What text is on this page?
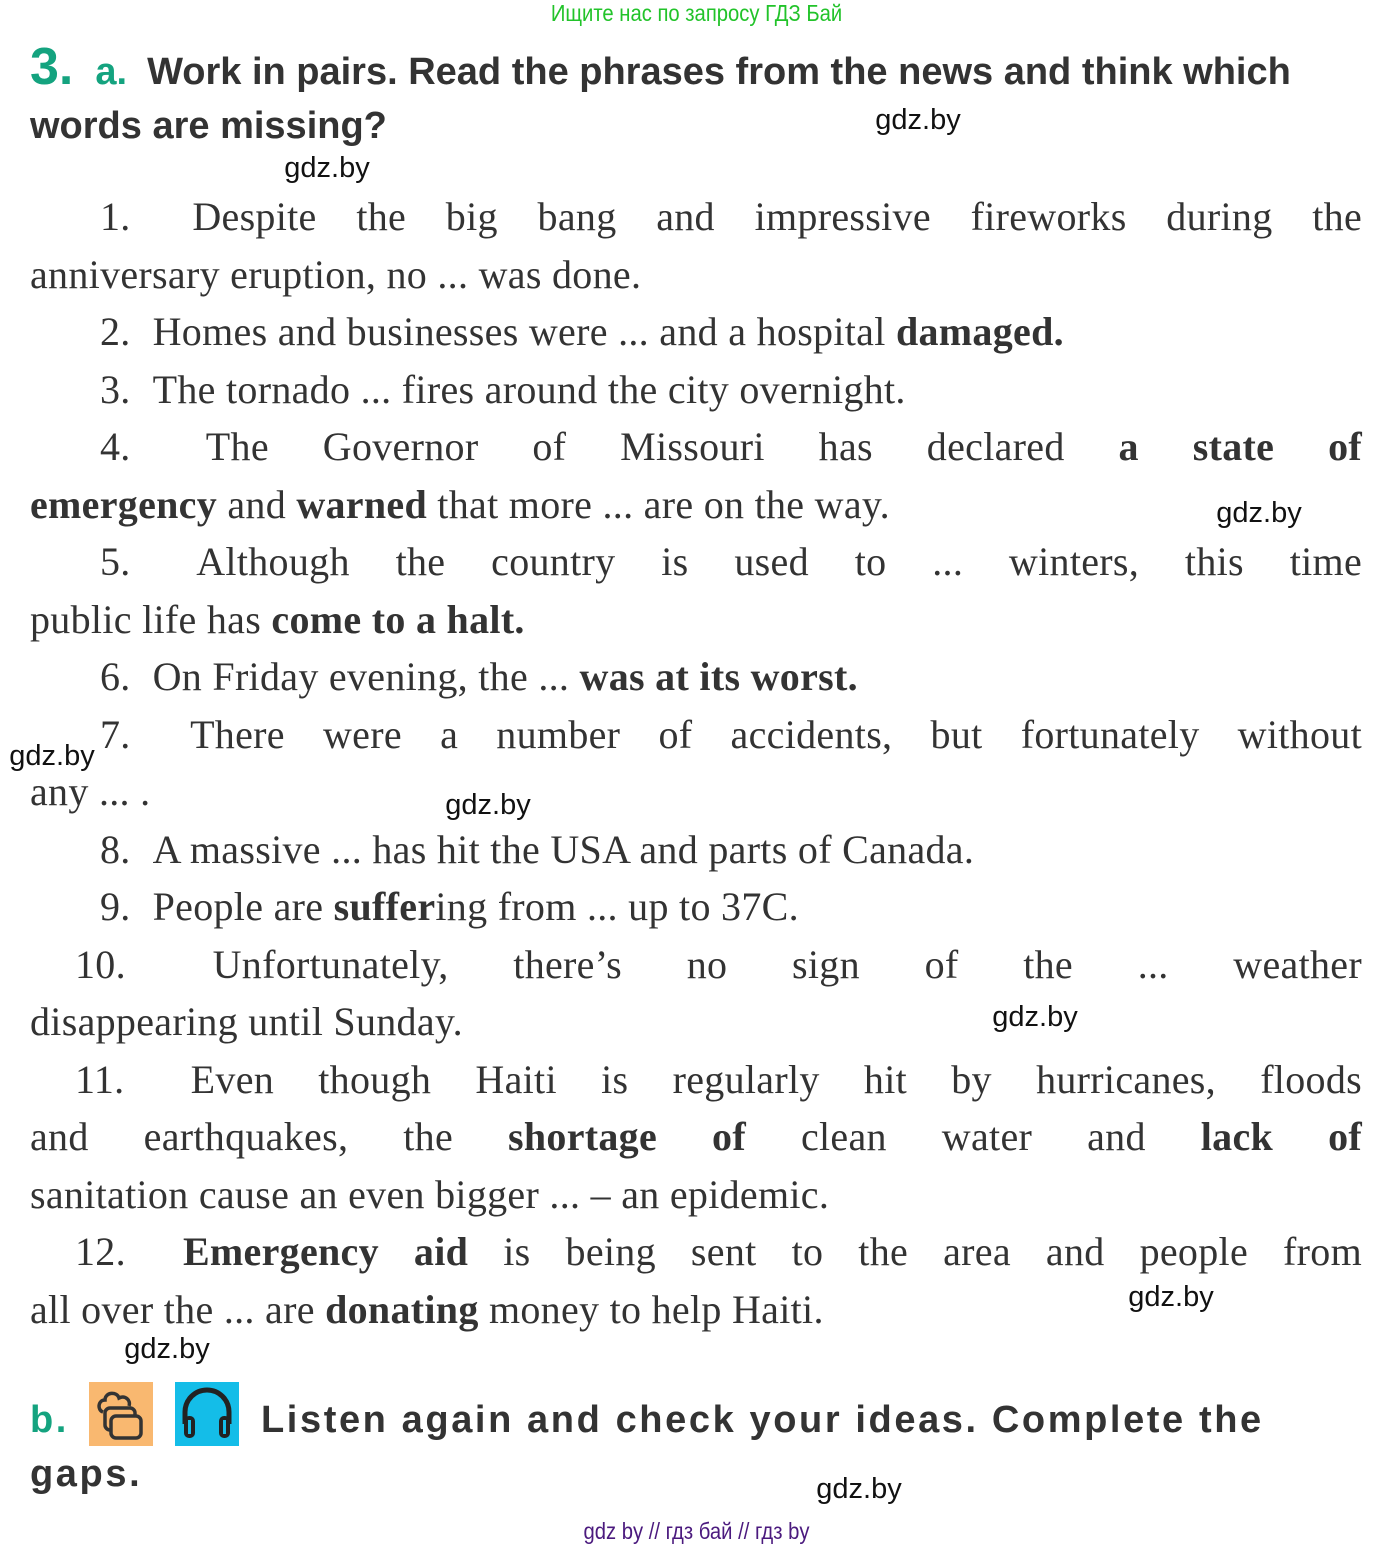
Ищите нас по запросу ГДЗ Бай
3. a. Work in pairs. Read the phrases from the news and think which words are missing?
1. Despite the big bang and impressive fireworks during the
anniversary eruption, no ... was done.
2. Homes and businesses were ... and a hospital damaged.
3. The tornado ... fires around the city overnight.
4. The Governor of Missouri has declared a state of
emergency and warned that more ... are on the way.
5. Although the country is used to ... winters, this time
public life has come to a halt.
6. On Friday evening, the ... was at its worst.
7. There were a number of accidents, but fortunately without
any ... .
8. A massive ... has hit the USA and parts of Canada.
9. People are suffering from ... up to 37C.
10. Unfortunately, there’s no sign of the ... weather
disappearing until Sunday.
11. Even though Haiti is regularly hit by hurricanes, floods
and earthquakes, the shortage of clean water and lack of
sanitation cause an even bigger ... – an epidemic.
12. Emergency aid is being sent to the area and people from
all over the ... are donating money to help Haiti.
b.	Listen again and check your ideas. Complete the gaps.
gdz.by
gdz.by
gdz.by
gdz.by
gdz.by
gdz.by
gdz.by
gdz.by
gdz.by
gdz by // гдз бай // гдз by
